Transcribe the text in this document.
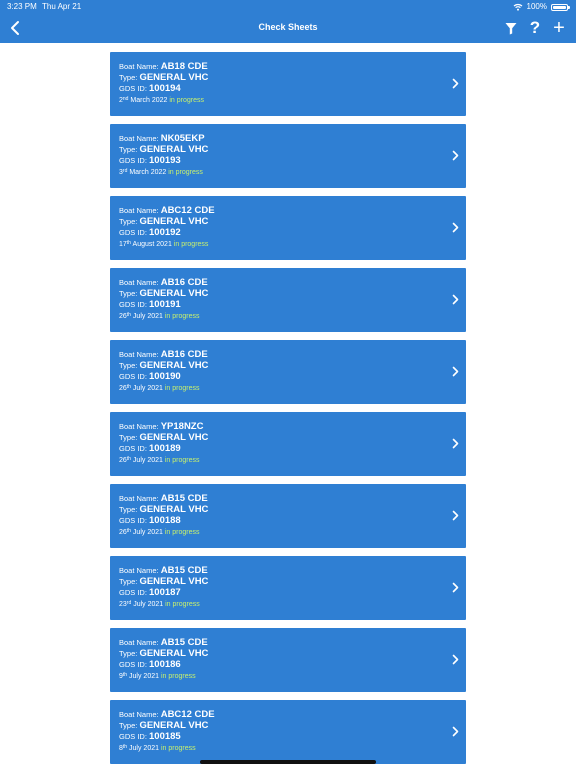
3:23 PM Thu Apr 21	100%
Check Sheets	? +
Boat Name: AB18 CDE
Type: GENERAL VHC
GDS ID: 100194
2nd March 2022 in progress
Boat Name: NK05EKP
Type: GENERAL VHC
GDS ID: 100193
3rd March 2022 in progress
Boat Name: ABC12 CDE
Type: GENERAL VHC
GDS ID: 100192
17th August 2021 in progress
Boat Name: AB16 CDE
Type: GENERAL VHC
GDS ID: 100191
26th July 2021 in progress
Boat Name: AB16 CDE
Type: GENERAL VHC
GDS ID: 100190
26th July 2021 in progress
Boat Name: YP18NZC
Type: GENERAL VHC
GDS ID: 100189
26th July 2021 in progress
Boat Name: AB15 CDE
Type: GENERAL VHC
GDS ID: 100188
26th July 2021 in progress
Boat Name: AB15 CDE
Type: GENERAL VHC
GDS ID: 100187
23rd July 2021 in progress
Boat Name: AB15 CDE
Type: GENERAL VHC
GDS ID: 100186
9th July 2021 in progress
Boat Name: ABC12 CDE
Type: GENERAL VHC
GDS ID: 100185
8th July 2021 in progress
